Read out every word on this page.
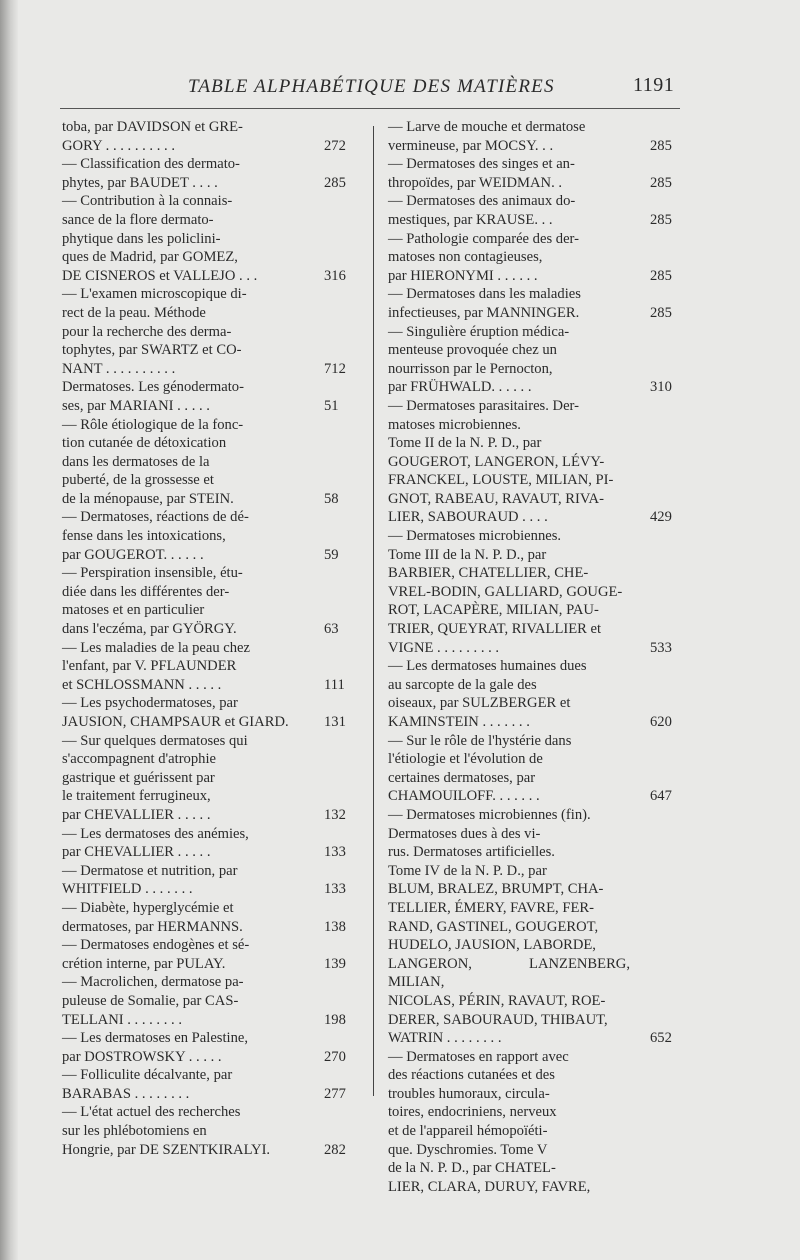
TABLE ALPHABÉTIQUE DES MATIÈRES	1191
toba, par DAVIDSON et GRE-
GORY . . . . . . . . . .	272
— Classification des dermato-
phytes, par BAUDET . . . .	285
— Contribution à la connais-
sance de la flore dermato-
phytique dans les policlini-
ques de Madrid, par GOMEZ,
DE CISNEROS et VALLEJO . . .	316
— L'examen microscopique di-
rect de la peau. Méthode
pour la recherche des derma-
tophytes, par SWARTZ et CO-
NANT . . . . . . . . . .	712
Dermatoses. Les génodermato-
ses, par MARIANI . . . . .	51
— Rôle étiologique de la fonc-
tion cutanée de détoxication
dans les dermatoses de la
puberté, de la grossesse et
de la ménopause, par STEIN.	58
— Dermatoses, réactions de dé-
fense dans les intoxications,
par GOUGEROT. . . . . .	59
— Perspiration insensible, étu-
diée dans les différentes der-
matoses et en particulier
dans l'eczéma, par GYÖRGY.	63
— Les maladies de la peau chez
l'enfant, par V. PFLAUNDER
et SCHLOSSMANN . . . . .	111
— Les psychodermatoses, par
JAUSION, CHAMPSAUR et GIARD.	131
— Sur quelques dermatoses qui
s'accompagnent d'atrophie
gastrique et guérissent par
le traitement ferrugineux,
par CHEVALLIER . . . . .	132
— Les dermatoses des anémies,
par CHEVALLIER . . . . .	133
— Dermatose et nutrition, par
WHITFIELD . . . . . . .	133
— Diabète, hyperglycémie et
dermatoses, par HERMANNS.	138
— Dermatoses endogènes et sé-
crétion interne, par PULAY.	139
— Macrolichen, dermatose pa-
puleuse de Somalie, par CAS-
TELLANI . . . . . . . .	198
— Les dermatoses en Palestine,
par DOSTROWSKY . . . . .	270
— Folliculite décalvante, par
BARABAS . . . . . . . .	277
— L'état actuel des recherches
sur les phlébotomiens en
Hongrie, par DE SZENTKIRALYI.	282
— Larve de mouche et dermatose
vermineuse, par MOCSY. . .	285
— Dermatoses des singes et an-
thropoïdes, par WEIDMAN. .	285
— Dermatoses des animaux do-
mestiques, par KRAUSE. . .	285
— Pathologie comparée des der-
matoses non contagieuses,
par HIERONYMI . . . . . .	285
— Dermatoses dans les maladies
infectieuses, par MANNINGER.	285
— Singulière éruption médica-
menteuse provoquée chez un
nourrisson par le Pernocton,
par FRÜHWALD. . . . . .	310
— Dermatoses parasitaires. Der-
matoses microbiennes.
Tome II de la N. P. D., par
GOUGEROT, LANGERON, LÉVY-
FRANCKEL, LOUSTE, MILIAN, PI-
GNOT, RABEAU, RAVAUT, RIVA-
LIER, SABOURAUD . . . .	429
— Dermatoses microbiennes.
Tome III de la N. P. D., par
BARBIER, CHATELLIER, CHE-
VREL-BODIN, GALLIARD, GOUGE-
ROT, LACAPÈRE, MILIAN, PAU-
TRIER, QUEYRAT, RIVALLIER et
VIGNE . . . . . . . . .	533
— Les dermatoses humaines dues
au sarcopte de la gale des
oiseaux, par SULZBERGER et
KAMINSTEIN . . . . . . .	620
— Sur le rôle de l'hystérie dans
l'étiologie et l'évolution de
certaines dermatoses, par
CHAMOUILOFF. . . . . . .	647
— Dermatoses microbiennes (fin).
Dermatoses dues à des vi-
rus. Dermatoses artificielles.
Tome IV de la N. P. D., par
BLUM, BRALEZ, BRUMPT, CHA-
TELLIER, ÉMERY, FAVRE, FER-
RAND, GASTINEL, GOUGEROT,
HUDELO, JAUSION, LABORDE,
LANGERON, LANZENBERG, MILIAN,
NICOLAS, PÉRIN, RAVAUT, ROE-
DERER, SABOURAUD, THIBAUT,
WATRIN . . . . . . . .	652
— Dermatoses en rapport avec
des réactions cutanées et des
troubles humoraux, circula-
toires, endocriniens, nerveux
et de l'appareil hémopoïéti-
que. Dyschromies. Tome V
de la N. P. D., par CHATEL-
LIER, CLARA, DURUY, FAVRE,
